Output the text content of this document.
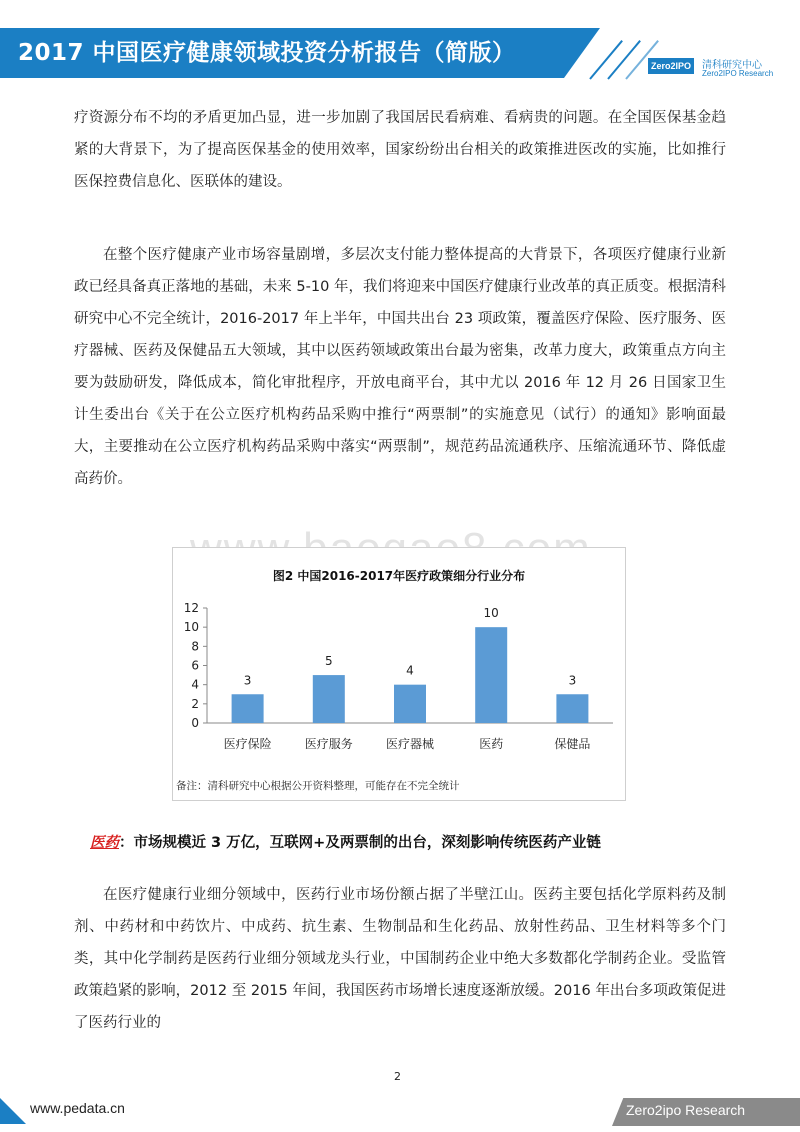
2017 中国医疗健康领域投资分析报告（简版）	Zero2IPO	清科研究中心
Zero2IPO Research

疗资源分布不均的矛盾更加凸显，进一步加剧了我国居民看病难、看病贵的问题。在全国医保基金趋紧的大背景下，为了提高医保基金的使用效率，国家纷纷出台相关的政策推进医改的实施，比如推行医保控费信息化、医联体的建设。

在整个医疗健康产业市场容量剧增，多层次支付能力整体提高的大背景下，各项医疗健康行业新政已经具备真正落地的基础，未来 5-10 年，我们将迎来中国医疗健康行业改革的真正质变。根据清科研究中心不完全统计，2016-2017 年上半年，中国共出台 23 项政策，覆盖医疗保险、医疗服务、医疗器械、医药及保健品五大领域，其中以医药领域政策出台最为密集，改革力度大，政策重点方向主要为鼓励研发，降低成本，简化审批程序，开放电商平台，其中尤以 2016 年 12 月 26 日国家卫生计生委出台《关于在公立医疗机构药品采购中推行“两票制”的实施意见（试行）的通知》影响面最大，主要推动在公立医疗机构药品采购中落实“两票制”，规范药品流通秩序、压缩流通环节、降低虚高药价。

图2 中国2016-2017年医疗政策细分行业分布
0
2
4
6
8
10
12
3
医疗保险
5
医疗服务
4
医疗器械
10
医药
3
保健品
备注：清科研究中心根据公开资料整理，可能存在不完全统计
医药：市场规模近 3 万亿，互联网+及两票制的出台，深刻影响传统医药产业链

在医疗健康行业细分领域中，医药行业市场份额占据了半壁江山。医药主要包括化学原料药及制剂、中药材和中药饮片、中成药、抗生素、生物制品和生化药品、放射性药品、卫生材料等多个门类，其中化学制药是医药行业细分领域龙头行业，中国制药企业中绝大多数都化学制药企业。受监管政策趋紧的影响，2012 至 2015 年间，我国医药市场增长速度逐渐放缓。2016 年出台多项政策促进了医药行业的

2
www.pedata.cn	Zero2ipo Research
